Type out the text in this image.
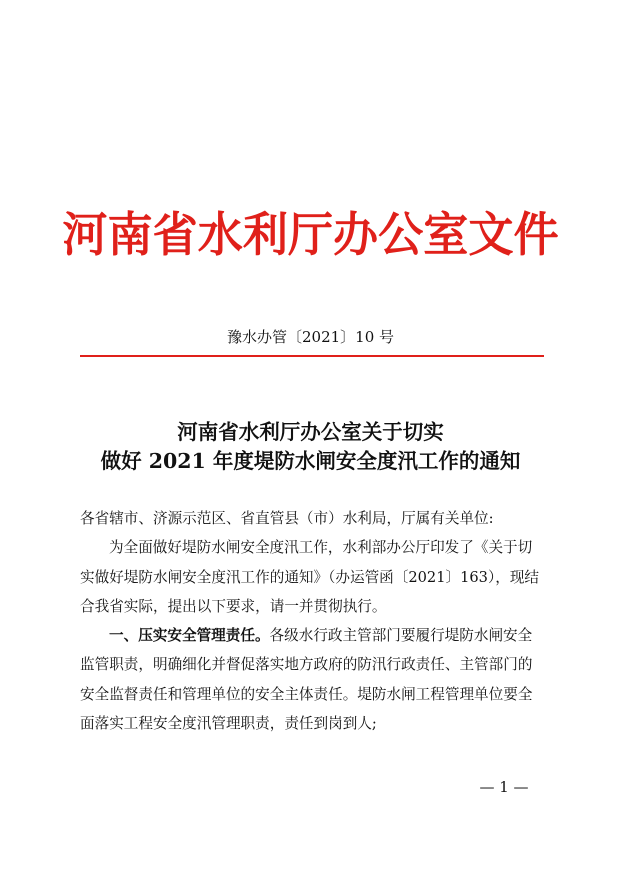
河南省水利厅办公室文件
豫水办管〔2021〕10 号
河南省水利厅办公室关于切实
做好 2021 年度堤防水闸安全度汛工作的通知

各省辖市、济源示范区、省直管县（市）水利局，厅属有关单位:

为全面做好堤防水闸安全度汛工作，水利部办公厅印发了《关于切实做好堤防水闸安全度汛工作的通知》（办运管函〔2021〕163），现结合我省实际，提出以下要求，请一并贯彻执行。

一、压实安全管理责任。各级水行政主管部门要履行堤防水闸安全监管职责，明确细化并督促落实地方政府的防汛行政责任、主管部门的安全监督责任和管理单位的安全主体责任。堤防水闸工程管理单位要全面落实工程安全度汛管理职责，责任到岗到人;

— 1 —
